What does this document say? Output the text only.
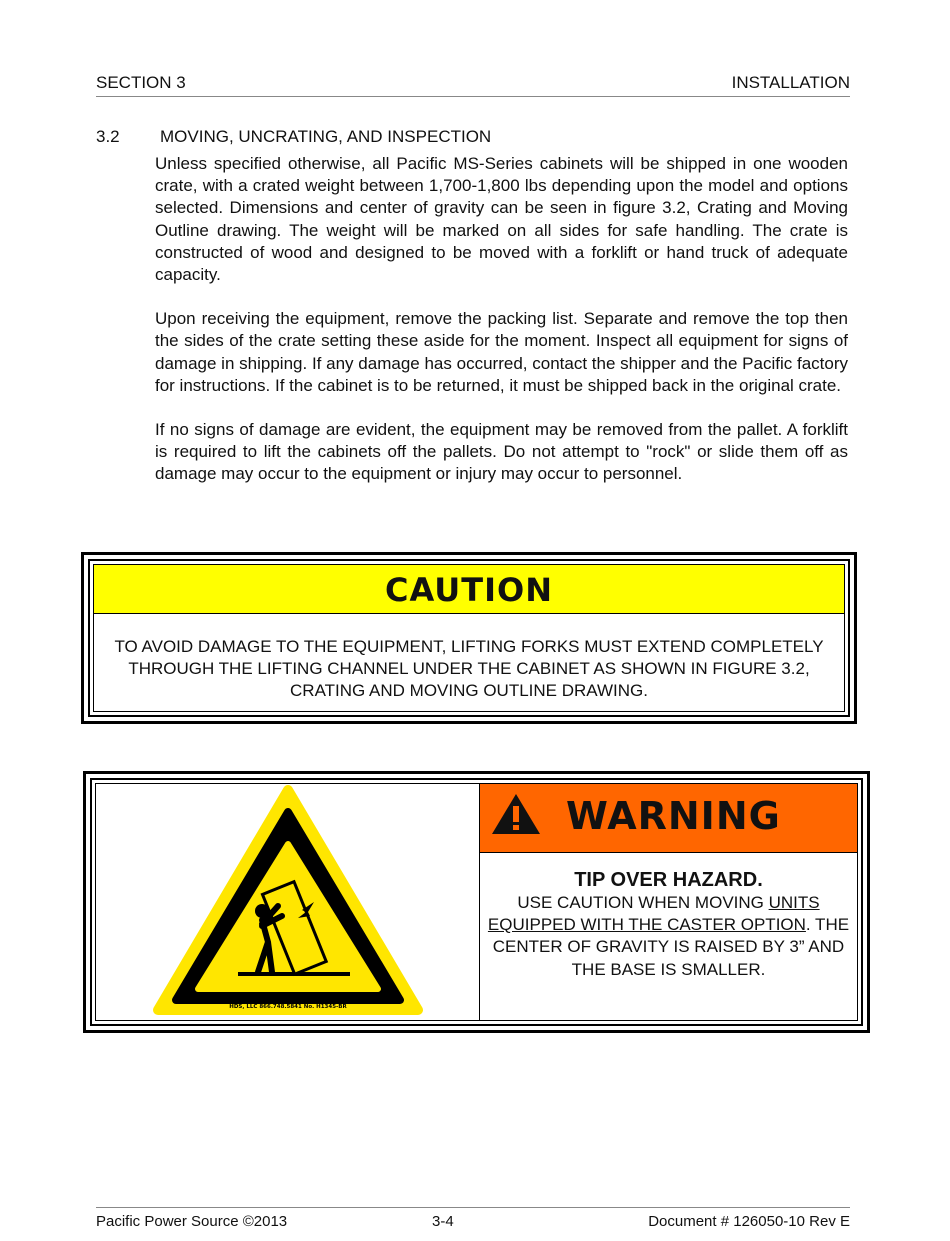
SECTION 3	INSTALLATION
3.2 MOVING, UNCRATING, AND INSPECTION

Unless specified otherwise, all Pacific MS-Series cabinets will be shipped in one wooden crate, with a crated weight between 1,700-1,800 lbs depending upon the model and options selected. Dimensions and center of gravity can be seen in figure 3.2, Crating and Moving Outline drawing. The weight will be marked on all sides for safe handling. The crate is constructed of wood and designed to be moved with a forklift or hand truck of adequate capacity.

Upon receiving the equipment, remove the packing list. Separate and remove the top then the sides of the crate setting these aside for the moment. Inspect all equipment for signs of damage in shipping. If any damage has occurred, contact the shipper and the Pacific factory for instructions. If the cabinet is to be returned, it must be shipped back in the original crate.

If no signs of damage are evident, the equipment may be removed from the pallet. A forklift is required to lift the cabinets off the pallets. Do not attempt to "rock" or slide them off as damage may occur to the equipment or injury may occur to personnel.

CAUTION
TO AVOID DAMAGE TO THE EQUIPMENT, LIFTING FORKS MUST EXTEND COMPLETELY THROUGH THE LIFTING CHANNEL UNDER THE CABINET AS SHOWN IN FIGURE 3.2, CRATING AND MOVING OUTLINE DRAWING.
HDS, LLC 866.748.5841 No. H1345-BR
WARNING
TIP OVER HAZARD.
USE CAUTION WHEN MOVING UNITS EQUIPPED WITH THE CASTER OPTION. THE CENTER OF GRAVITY IS RAISED BY 3” AND THE BASE IS SMALLER.
Pacific Power Source ©2013	3-4	Document # 126050-10 Rev E
